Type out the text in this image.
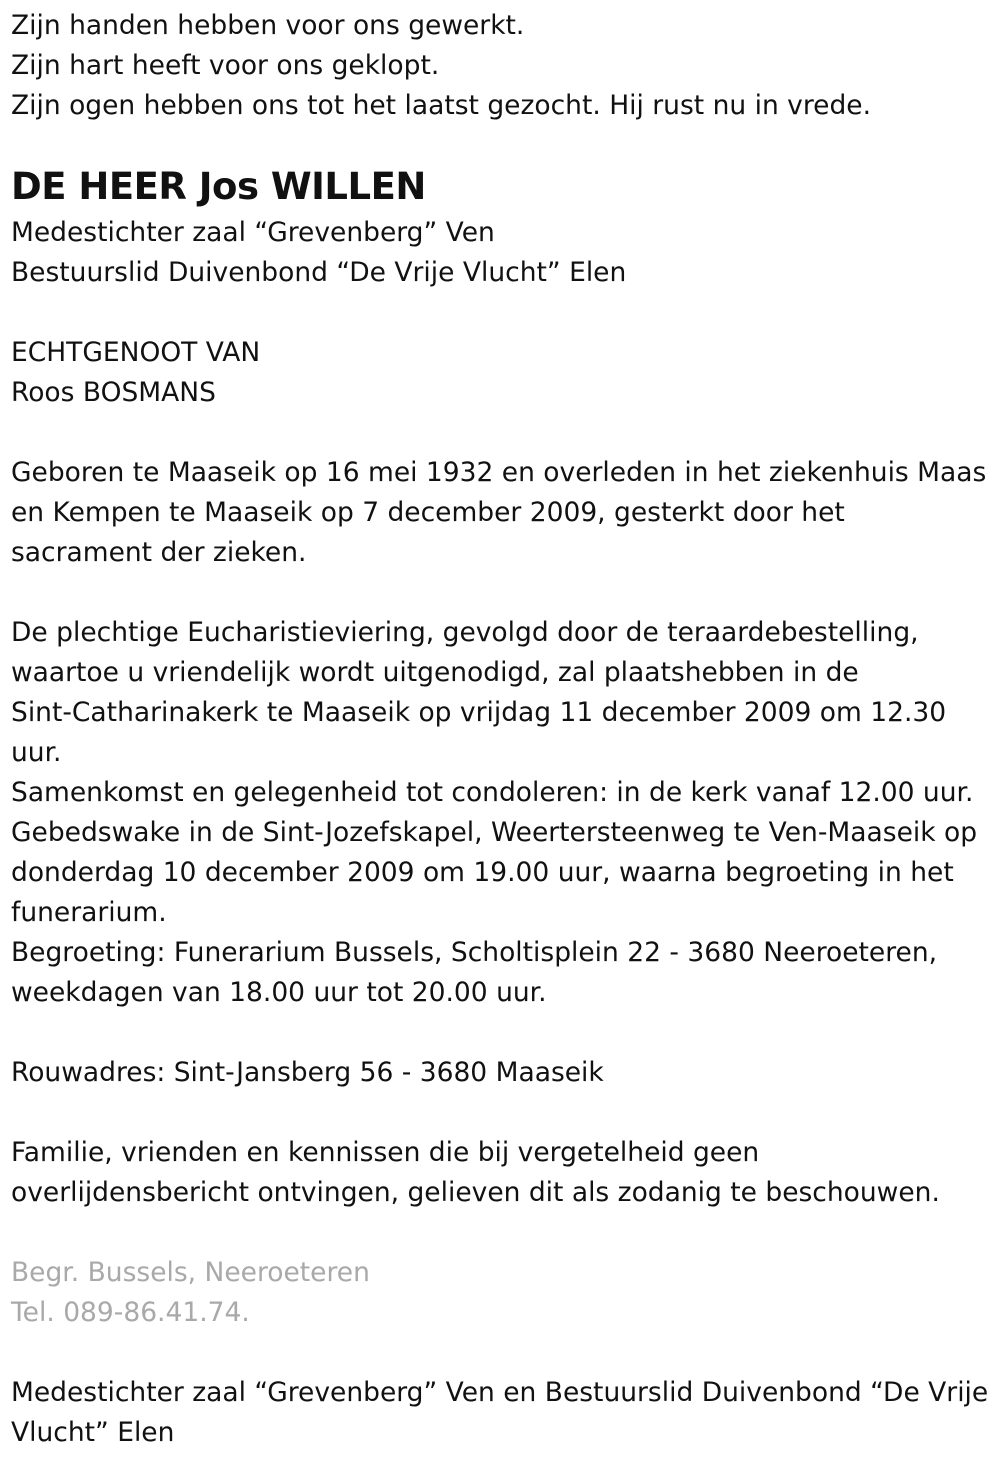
Zijn handen hebben voor ons gewerkt.
Zijn hart heeft voor ons geklopt.
Zijn ogen hebben ons tot het laatst gezocht. Hij rust nu in vrede.
DE HEER Jos WILLEN
Medestichter zaal “Grevenberg” Ven
Bestuurslid Duivenbond “De Vrije Vlucht” Elen
ECHTGENOOT VAN
Roos BOSMANS
Geboren te Maaseik op 16 mei 1932 en overleden in het ziekenhuis Maas
en Kempen te Maaseik op 7 december 2009, gesterkt door het
sacrament der zieken.
De plechtige Eucharistieviering, gevolgd door de teraardebestelling,
waartoe u vriendelijk wordt uitgenodigd, zal plaatshebben in de
Sint-Catharinakerk te Maaseik op vrijdag 11 december 2009 om 12.30
uur.
Samenkomst en gelegenheid tot condoleren: in de kerk vanaf 12.00 uur.
Gebedswake in de Sint-Jozefskapel, Weertersteenweg te Ven-Maaseik op
donderdag 10 december 2009 om 19.00 uur, waarna begroeting in het
funerarium.
Begroeting: Funerarium Bussels, Scholtisplein 22 - 3680 Neeroeteren,
weekdagen van 18.00 uur tot 20.00 uur.
Rouwadres: Sint-Jansberg 56 - 3680 Maaseik
Familie, vrienden en kennissen die bij vergetelheid geen
overlijdensbericht ontvingen, gelieven dit als zodanig te beschouwen.
Begr. Bussels, Neeroeteren
Tel. 089-86.41.74.
Medestichter zaal “Grevenberg” Ven en Bestuurslid Duivenbond “De Vrije
Vlucht” Elen
